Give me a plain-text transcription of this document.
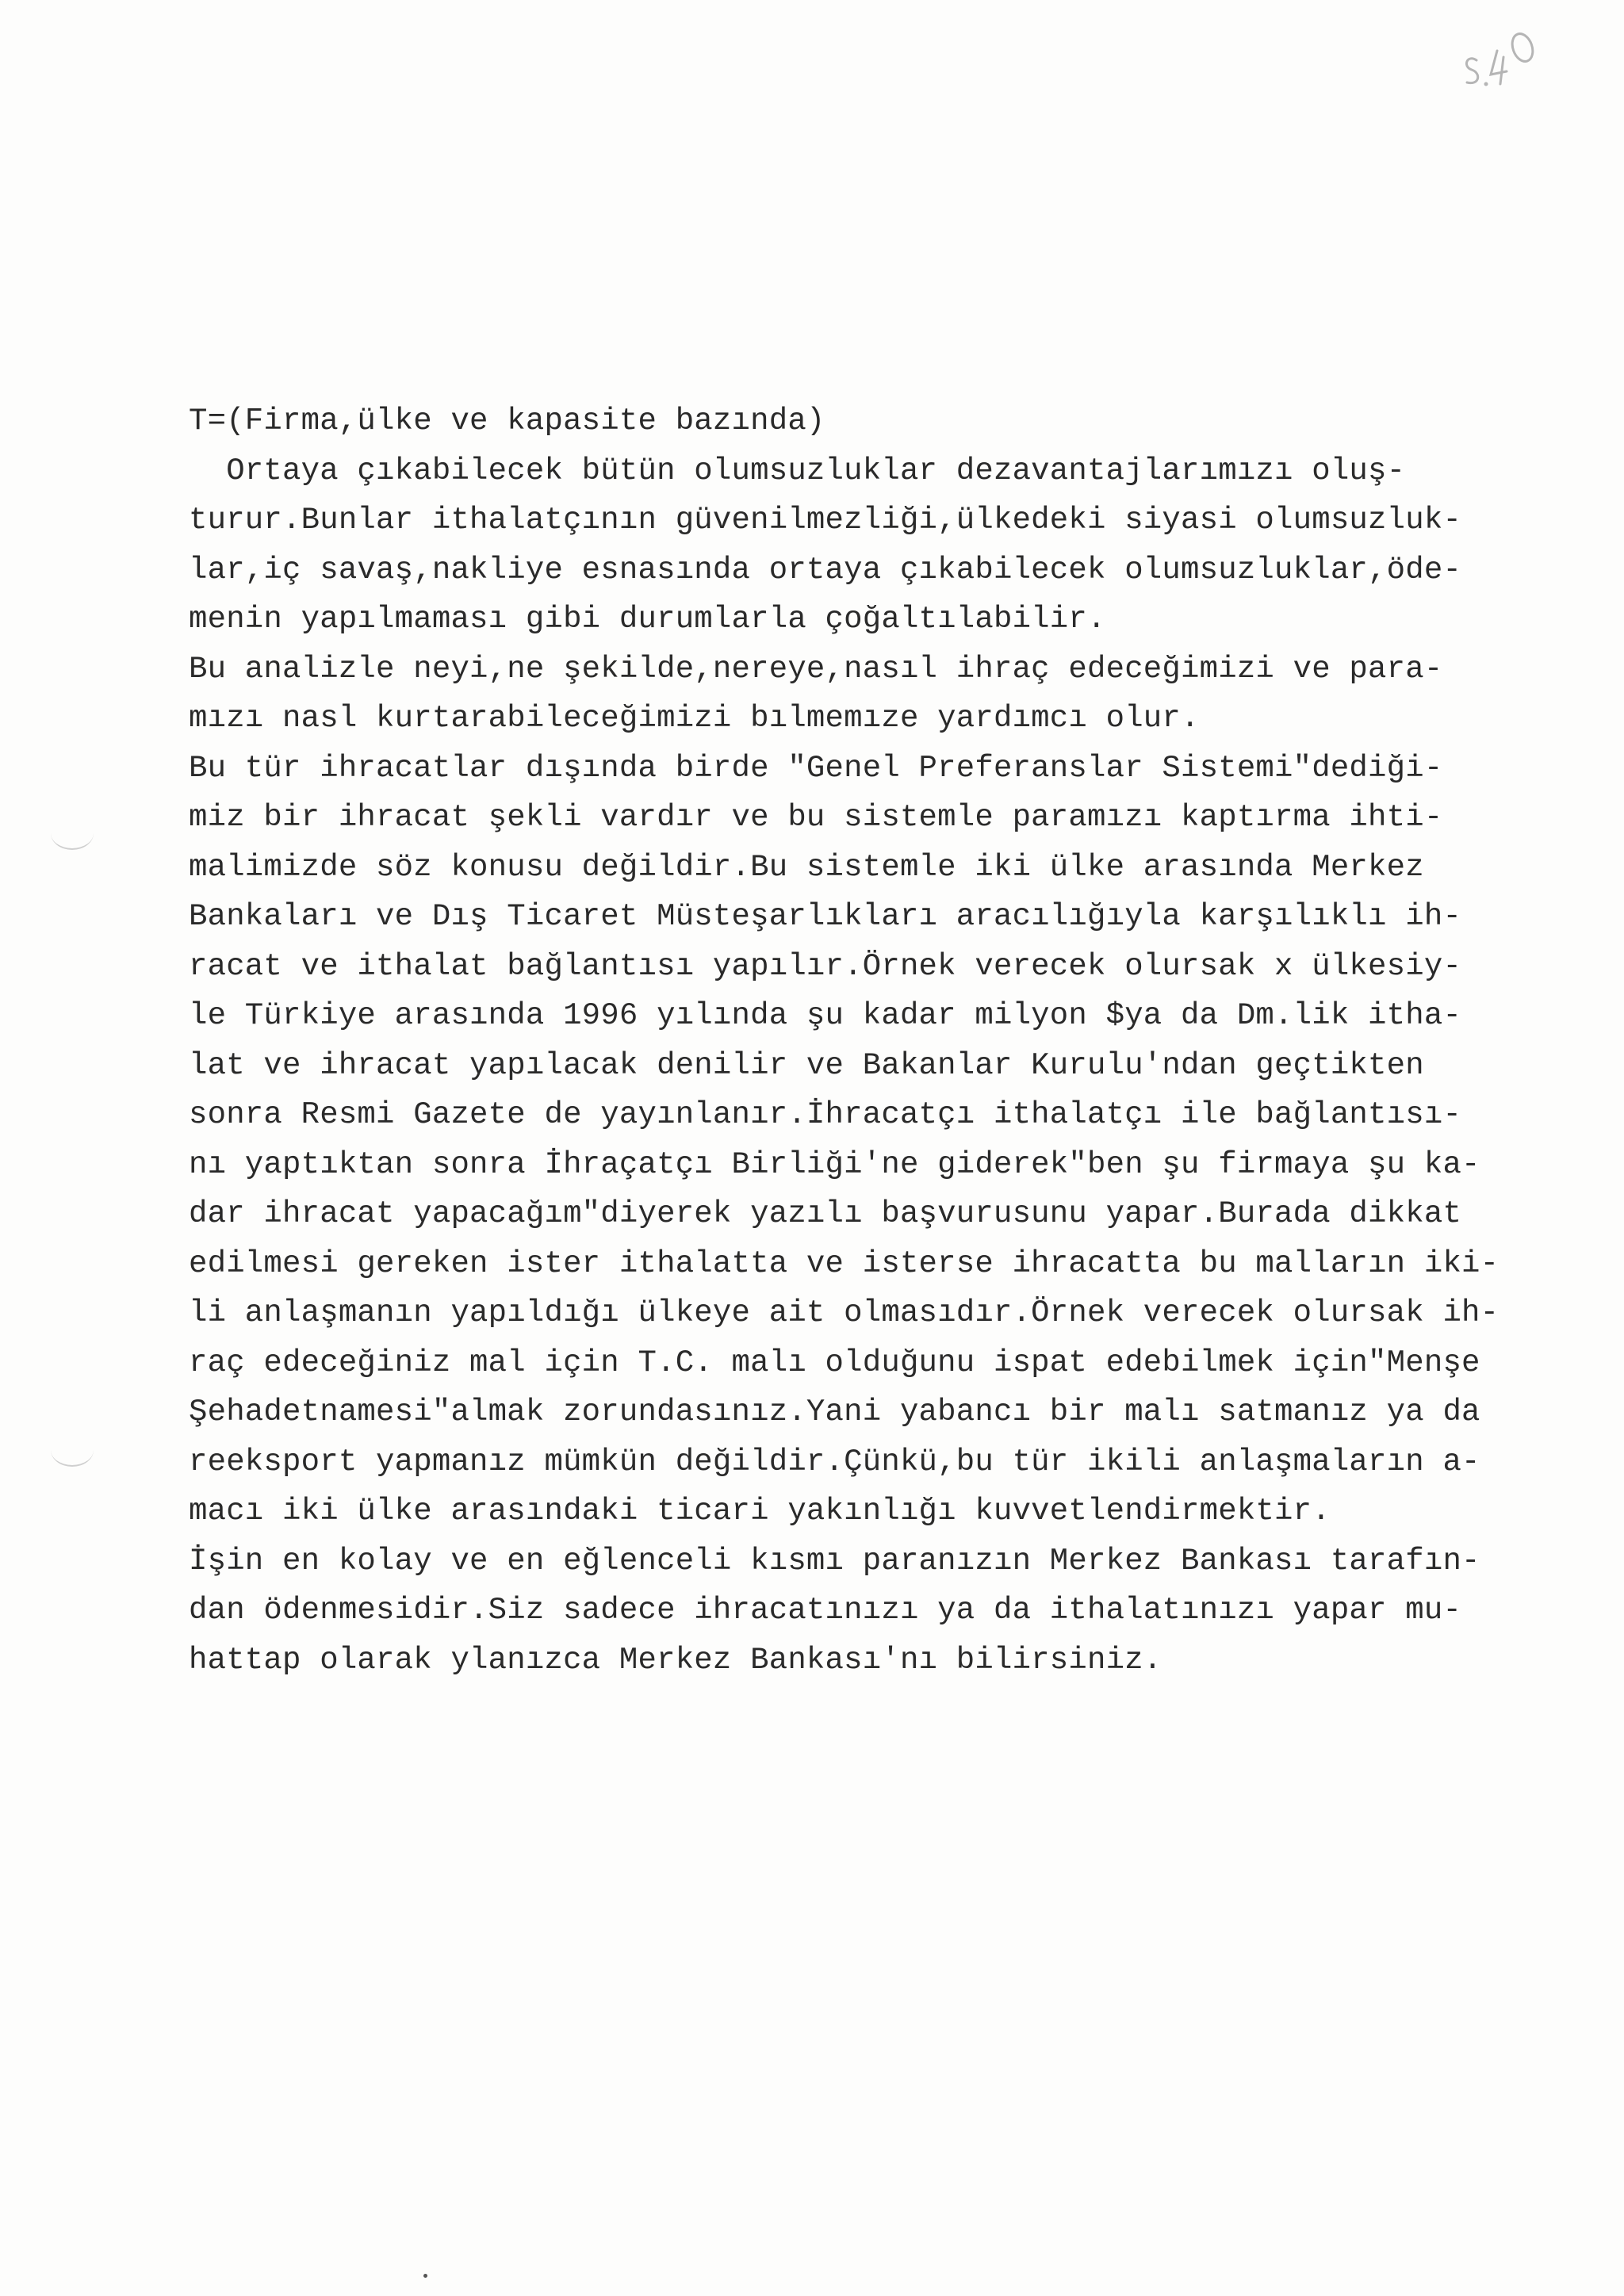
T=(Firma,ülke ve kapasite bazında)
Ortaya çıkabilecek bütün olumsuzluklar dezavantajlarımızı oluş-
turur.Bunlar ithalatçının güvenilmezliği,ülkedeki siyasi olumsuzluk-
lar,iç savaş,nakliye esnasında ortaya çıkabilecek olumsuzluklar,öde-
menin yapılmaması gibi durumlarla çoğaltılabilir.
Bu analizle neyi,ne şekilde,nereye,nasıl ihraç edeceğimizi ve para-
mızı nasl kurtarabileceğimizi bılmemıze yardımcı olur.
Bu tür ihracatlar dışında birde "Genel Preferanslar Sistemi"dediği-
miz bir ihracat şekli vardır ve bu sistemle paramızı kaptırma ihti-
malimizde söz konusu değildir.Bu sistemle iki ülke arasında Merkez
Bankaları ve Dış Ticaret Müsteşarlıkları aracılığıyla karşılıklı ih-
racat ve ithalat bağlantısı yapılır.Örnek verecek olursak x ülkesiy-
le Türkiye arasında 1996 yılında şu kadar milyon $ya da Dm.lik itha-
lat ve ihracat yapılacak denilir ve Bakanlar Kurulu'ndan geçtikten
sonra Resmi Gazete de yayınlanır.İhracatçı ithalatçı ile bağlantısı-
nı yaptıktan sonra İhraçatçı Birliği'ne giderek"ben şu firmaya şu ka-
dar ihracat yapacağım"diyerek yazılı başvurusunu yapar.Burada dikkat
edilmesi gereken ister ithalatta ve isterse ihracatta bu malların iki-
li anlaşmanın yapıldığı ülkeye ait olmasıdır.Örnek verecek olursak ih-
raç edeceğiniz mal için T.C. malı olduğunu ispat edebilmek için"Menşe
Şehadetnamesi"almak zorundasınız.Yani yabancı bir malı satmanız ya da
reeksport yapmanız mümkün değildir.Çünkü,bu tür ikili anlaşmaların a-
macı iki ülke arasındaki ticari yakınlığı kuvvetlendirmektir.
İşin en kolay ve en eğlenceli kısmı paranızın Merkez Bankası tarafın-
dan ödenmesidir.Siz sadece ihracatınızı ya da ithalatınızı yapar mu-
hattap olarak ylanızca Merkez Bankası'nı bilirsiniz.
